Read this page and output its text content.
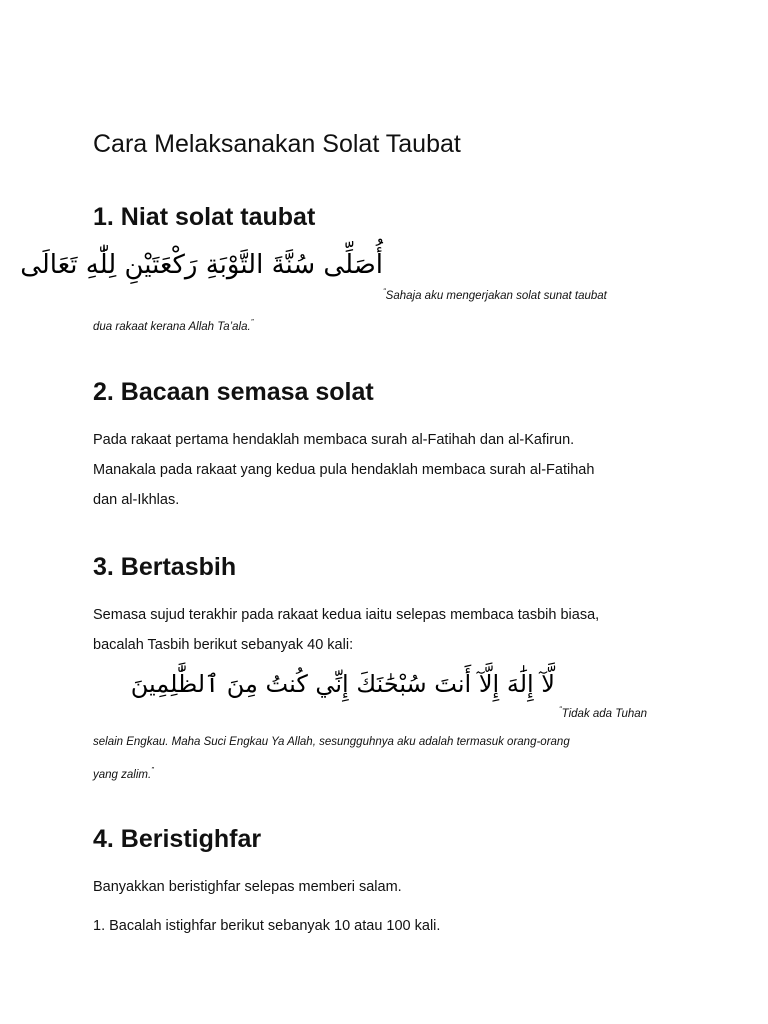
Cara Melaksanakan Solat Taubat
1. Niat solat taubat
أُصَلِّى سُنَّةَ التَّوْبَةِ رَكْعَتَيْنِ لِلّٰهِ تَعَالَى
“Sahaja aku mengerjakan solat sunat taubat
dua rakaat kerana Allah Ta’ala.”
2. Bacaan semasa solat

Pada rakaat pertama hendaklah membaca surah al-Fatihah dan al-Kafirun.

Manakala pada rakaat yang kedua pula hendaklah membaca surah al-Fatihah

dan al-Ikhlas.

3. Bertasbih

Semasa sujud terakhir pada rakaat kedua iaitu selepas membaca tasbih biasa,

bacalah Tasbih berikut sebanyak 40 kali:

لَّآ إِلَٰهَ إِلَّآ أَنتَ سُبْحَٰنَكَ إِنِّي كُنتُ مِنَ ٱلظَّٰلِمِينَ
“Tidak ada Tuhan
selain Engkau. Maha Suci Engkau Ya Allah, sesungguhnya aku adalah termasuk orang-orang
yang zalim.”
4. Beristighfar

Banyakkan beristighfar selepas memberi salam.

1. Bacalah istighfar berikut sebanyak 10 atau 100 kali.
